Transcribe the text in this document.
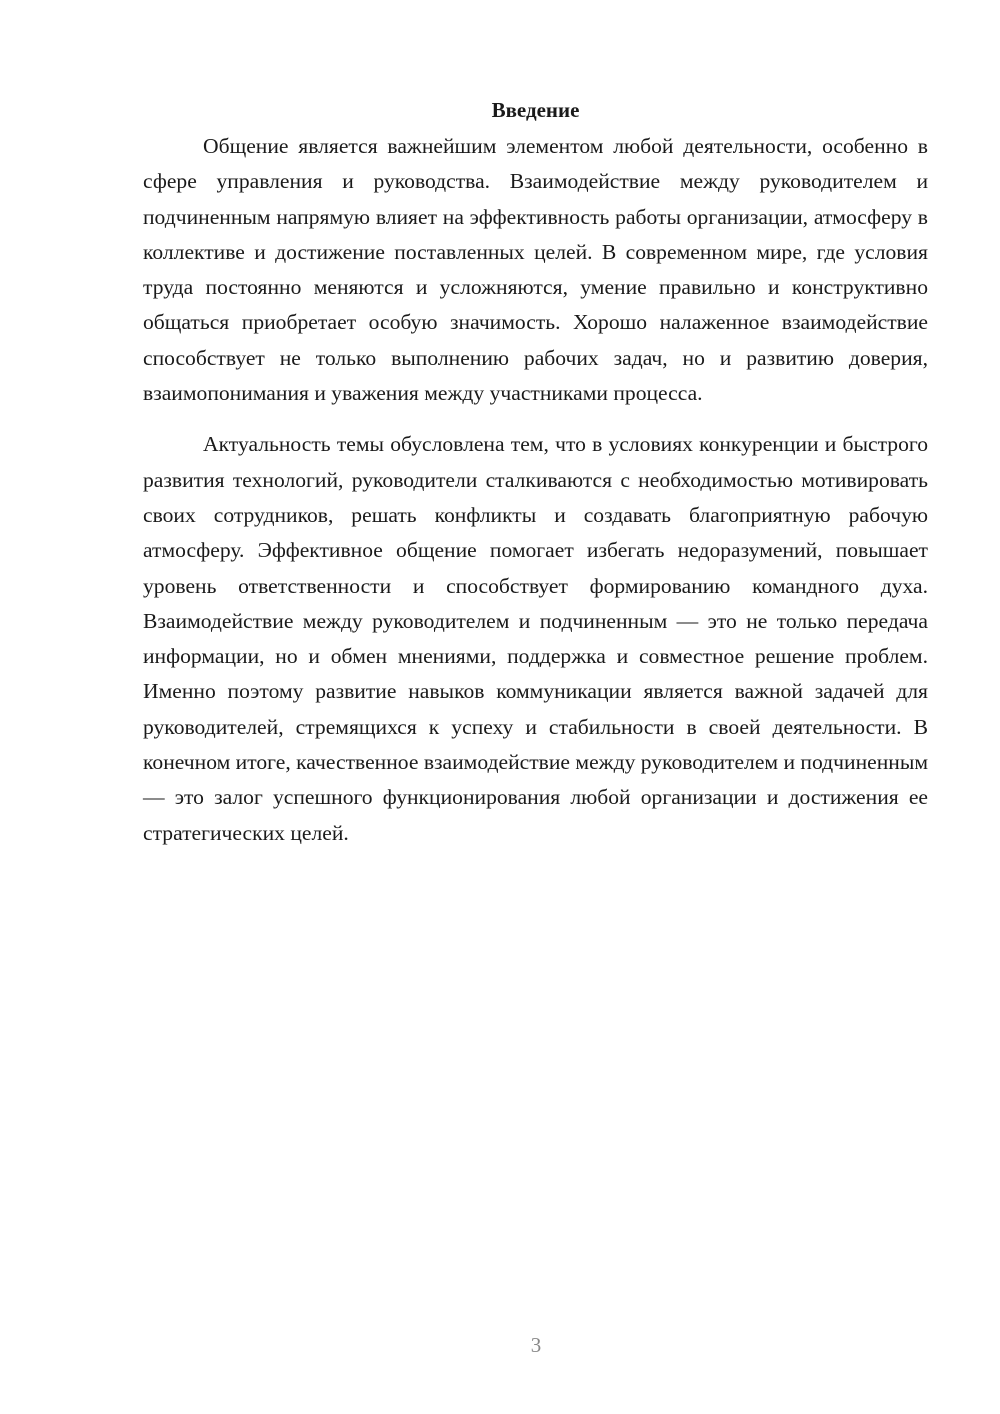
Введение

Общение является важнейшим элементом любой деятельности, особенно в сфере управления и руководства. Взаимодействие между руководителем и подчиненным напрямую влияет на эффективность работы организации, атмосферу в коллективе и достижение поставленных целей. В современном мире, где условия труда постоянно меняются и усложняются, умение правильно и конструктивно общаться приобретает особую значимость. Хорошо налаженное взаимодействие способствует не только выполнению рабочих задач, но и развитию доверия, взаимопонимания и уважения между участниками процесса.

Актуальность темы обусловлена тем, что в условиях конкуренции и быстрого развития технологий, руководители сталкиваются с необходимостью мотивировать своих сотрудников, решать конфликты и создавать благоприятную рабочую атмосферу. Эффективное общение помогает избегать недоразумений, повышает уровень ответственности и способствует формированию командного духа. Взаимодействие между руководителем и подчиненным — это не только передача информации, но и обмен мнениями, поддержка и совместное решение проблем. Именно поэтому развитие навыков коммуникации является важной задачей для руководителей, стремящихся к успеху и стабильности в своей деятельности. В конечном итоге, качественное взаимодействие между руководителем и подчиненным — это залог успешного функционирования любой организации и достижения ее стратегических целей.

3
